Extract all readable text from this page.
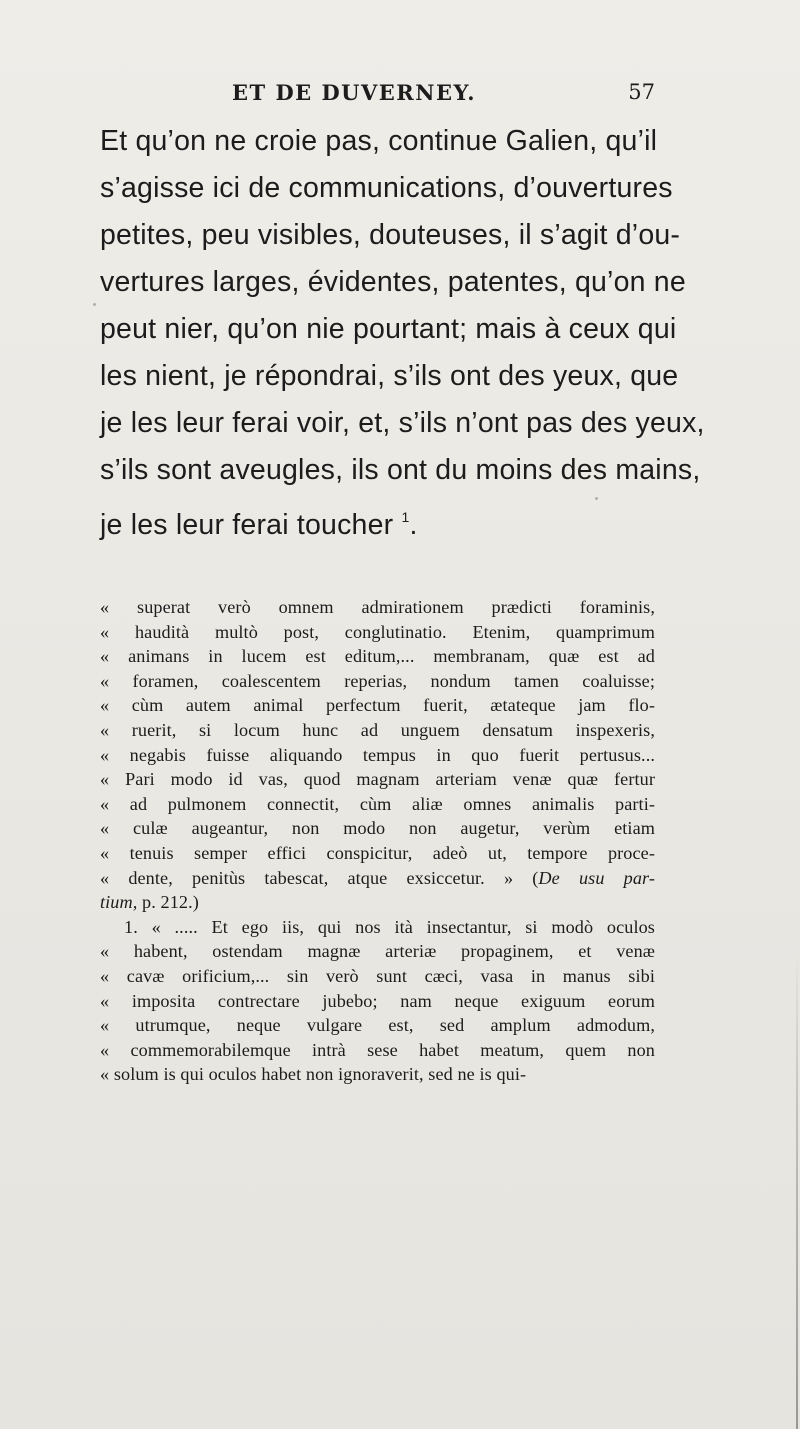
ET DE DUVERNEY.	57
Et qu’on ne croie pas, continue Galien, qu’il
s’agisse ici de communications, d’ouvertures
petites, peu visibles, douteuses, il s’agit d’ou-
vertures larges, évidentes, patentes, qu’on ne
peut nier, qu’on nie pourtant; mais à ceux qui
les nient, je répondrai, s’ils ont des yeux, que
je les leur ferai voir, et, s’ils n’ont pas des yeux,
s’ils sont aveugles, ils ont du moins des mains,
je les leur ferai toucher $^1$.
« superat verò omnem admirationem prædicti foraminis,
« haudità multò post, conglutinatio. Etenim, quamprimum
« animans in lucem est editum,... membranam, quæ est ad
« foramen, coalescentem reperias, nondum tamen coaluisse;
« cùm autem animal perfectum fuerit, ætateque jam flo-
« ruerit, si locum hunc ad unguem densatum inspexeris,
« negabis fuisse aliquando tempus in quo fuerit pertusus...
« Pari modo id vas, quod magnam arteriam venæ quæ fertur
« ad pulmonem connectit, cùm aliæ omnes animalis parti-
« culæ augeantur, non modo non augetur, verùm etiam
« tenuis semper effici conspicitur, adeò ut, tempore proce-
« dente, penitùs tabescat, atque exsiccetur. » (De usu par-
tium, p. 212.)
1. « ..... Et ego iis, qui nos ità insectantur, si modò oculos
« habent, ostendam magnæ arteriæ propaginem, et venæ
« cavæ orificium,... sin verò sunt cæci, vasa in manus sibi
« imposita contrectare jubebo; nam neque exiguum eorum
« utrumque, neque vulgare est, sed amplum admodum,
« commemorabilemque intrà sese habet meatum, quem non
« solum is qui oculos habet non ignoraverit, sed ne is qui-
